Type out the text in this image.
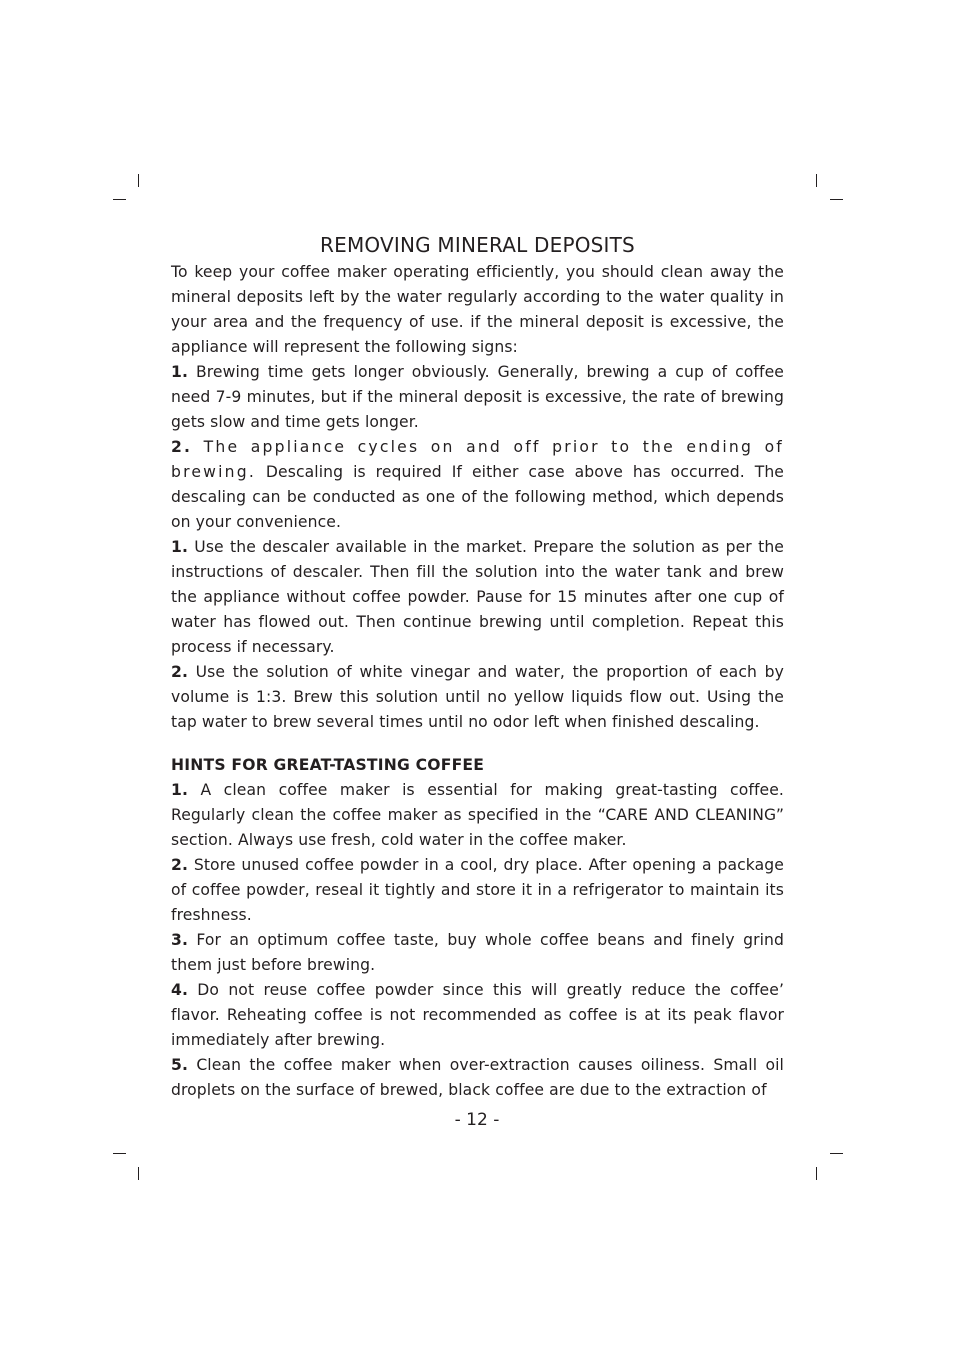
REMOVING MINERAL DEPOSITS

To keep your coffee maker operating efficiently, you should clean away the mineral deposits left by the water regularly according to the water quality in your area and the frequency of use. if the mineral deposit is excessive, the appliance will represent the following signs:

1. Brewing time gets longer obviously. Generally, brewing a cup of coffee need 7-9 minutes, but if the mineral deposit is excessive, the rate of brewing gets slow and time gets longer.

2. The appliance cycles on and off prior to the ending of brewing. Descaling is required If either case above has occurred. The descaling can be conducted as one of the following method, which depends on your convenience.

1. Use the descaler available in the market. Prepare the solution as per the instructions of descaler. Then fill the solution into the water tank and brew the appliance without coffee powder. Pause for 15 minutes after one cup of water has flowed out. Then continue brewing until completion. Repeat this process if necessary.

2. Use the solution of white vinegar and water, the proportion of each by volume is 1:3. Brew this solution until no yellow liquids flow out. Using the tap water to brew several times until no odor left when finished descaling.

HINTS FOR GREAT-TASTING COFFEE

1. A clean coffee maker is essential for making great-tasting coffee. Regularly clean the coffee maker as specified in the “CARE AND CLEANING” section. Always use fresh, cold water in the coffee maker.

2. Store unused coffee powder in a cool, dry place. After opening a package of coffee powder, reseal it tightly and store it in a refrigerator to maintain its freshness.

3. For an optimum coffee taste, buy whole coffee beans and finely grind them just before brewing.

4. Do not reuse coffee powder since this will greatly reduce the coffee’ flavor. Reheating coffee is not recommended as coffee is at its peak flavor immediately after brewing.

5. Clean the coffee maker when over-extraction causes oiliness. Small oil droplets on the surface of brewed, black coffee are due to the extraction of

- 12 -
